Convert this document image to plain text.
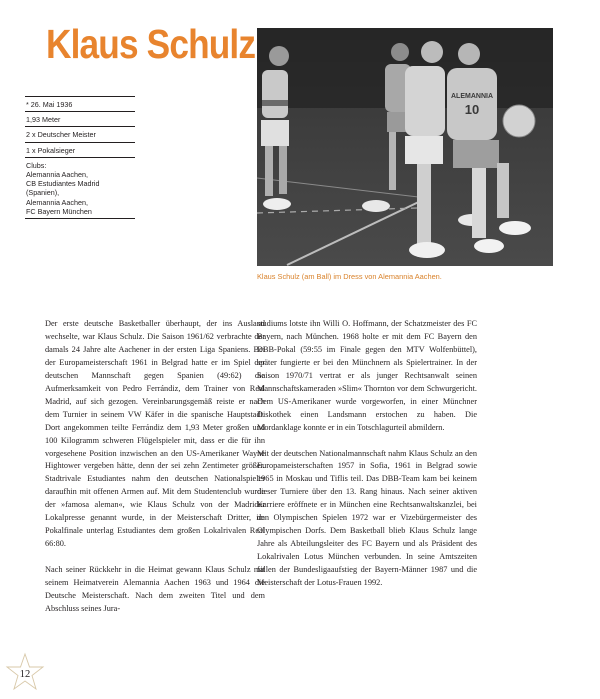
Klaus Schulz
* 26. Mai 1936
1,93 Meter
2 x Deutscher Meister
1 x Pokalsieger
Clubs:
Alemannia Aachen,
CB Estudiantes Madrid
(Spanien),
Alemannia Aachen,
FC Bayern München
ALEMANNIA
10
Klaus Schulz (am Ball) im Dress von Alemannia Aachen.

Der erste deutsche Basketballer überhaupt, der ins Ausland wechselte, war Klaus Schulz. Die Saison 1961/62 verbrachte der damals 24 Jahre alte Aachener in der ersten Liga Spaniens. Bei der Europameisterschaft 1961 in Belgrad hatte er im Spiel der deutschen Mannschaft gegen Spanien (49:62) die Aufmerksamkeit von Pedro Ferrándiz, dem Trainer von Real Madrid, auf sich gezogen. Vereinbarungsgemäß reiste er nach dem Turnier in seinem VW Käfer in die spanische Hauptstadt. Dort angekommen teilte Ferrándiz dem 1,93 Meter großen und 100 Kilogramm schweren Flügelspieler mit, dass er die für ihn vorgesehene Position inzwischen an den US-Amerikaner Wayne Hightower vergeben hätte, denn der sei zehn Zentimeter größer. Stadtrivale Estudiantes nahm den deutschen Nationalspieler daraufhin mit offenen Armen auf. Mit dem Studentenclub wurde der »famosa aleman«, wie Klaus Schulz von der Madrider Lokalpresse genannt wurde, in der Meisterschaft Dritter, im Pokalfinale unterlag Estudiantes dem großen Lokalrivalen Real 66:80.

Nach seiner Rückkehr in die Heimat gewann Klaus Schulz mit seinem Heimatverein Alemannia Aachen 1963 und 1964 die Deutsche Meisterschaft. Nach dem zweiten Titel und dem Abschluss seines Jura-

studiums lotste ihn Willi O. Hoffmann, der Schatzmeister des FC Bayern, nach München. 1968 holte er mit dem FC Bayern den DBB-Pokal (59:55 im Finale gegen den MTV Wolfenbüttel), später fungierte er bei den Münchnern als Spielertrainer. In der Saison 1970/71 vertrat er als junger Rechtsanwalt seinen Mannschaftskameraden »Slim« Thornton vor dem Schwurgericht. Dem US-Amerikaner wurde vorgeworfen, in einer Münchner Diskothek einen Landsmann erstochen zu haben. Die Mordanklage konnte er in ein Totschlagurteil abmildern.

Mit der deutschen Nationalmannschaft nahm Klaus Schulz an den Europameisterschaften 1957 in Sofia, 1961 in Belgrad sowie 1965 in Moskau und Tiflis teil. Das DBB-Team kam bei keinem dieser Turniere über den 13. Rang hinaus. Nach seiner aktiven Karriere eröffnete er in München eine Rechtsanwaltskanzlei, bei den Olympischen Spielen 1972 war er Vizebürgermeister des Olympischen Dorfs. Dem Basketball blieb Klaus Schulz lange Jahre als Abteilungsleiter des FC Bayern und als Präsident des Lokalrivalen Lotus München verbunden. In seine Amtszeiten fallen der Bundesligaaufstieg der Bayern-Männer 1987 und die Meisterschaft der Lotus-Frauen 1992.

12
